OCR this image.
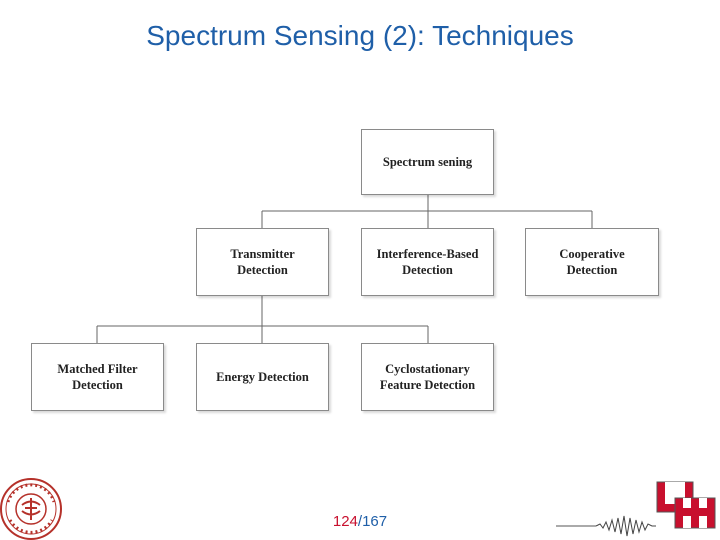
Spectrum Sensing (2): Techniques
Spectrum sening
Transmitter
Detection
Interference-Based
Detection
Cooperative
Detection
Matched Filter
Detection
Energy Detection
Cyclostationary
Feature Detection
124/167
